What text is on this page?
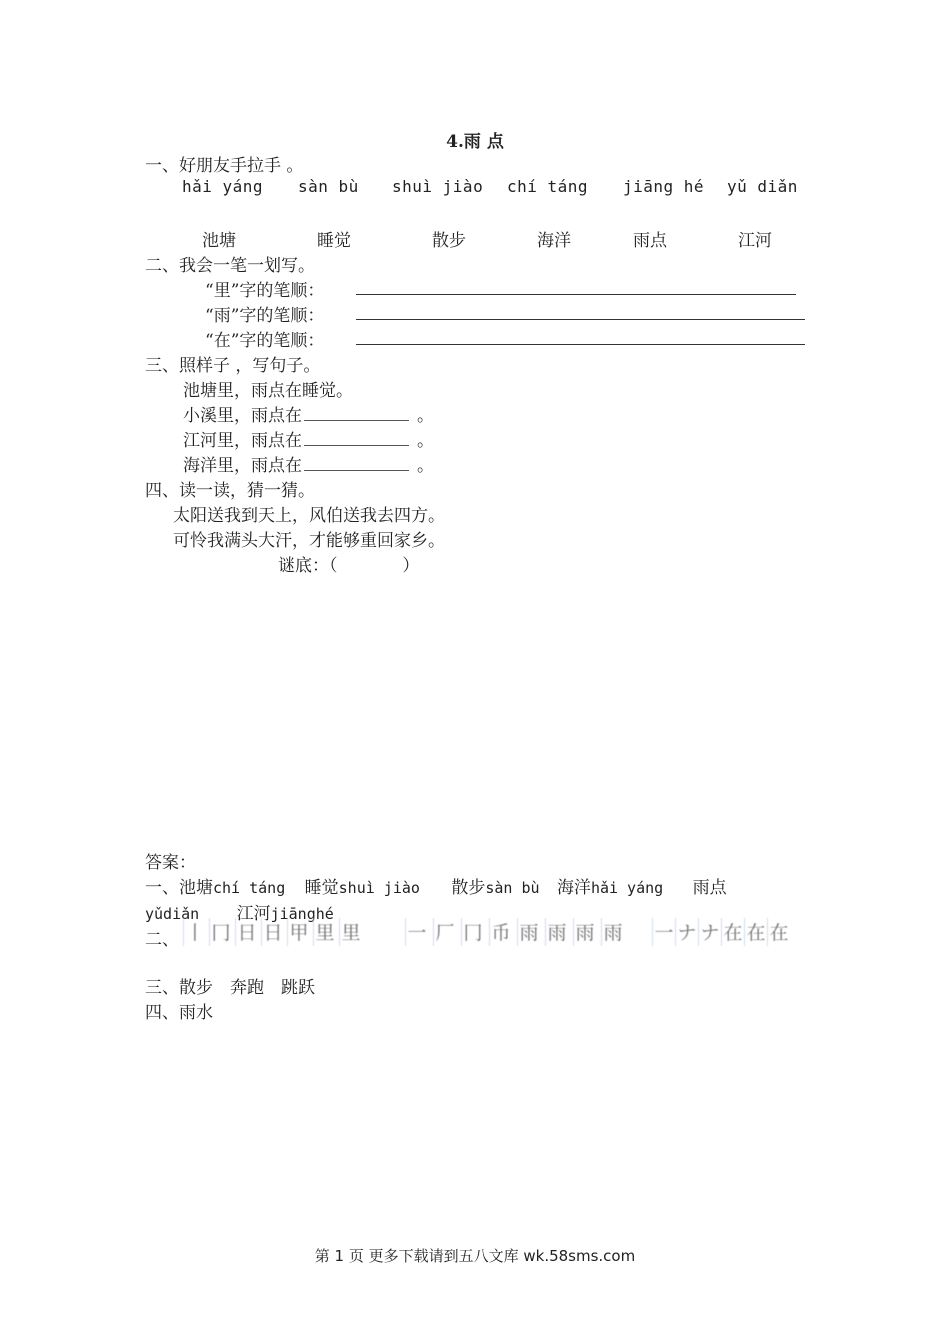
4.雨 点
一、好朋友手拉手 。
hǎi yáng sàn bù shuì jiào chí táng jiāng hé yǔ diǎn
池塘	睡觉	散步	海洋	雨点	江河
二、我会一笔一划写。
“里”字的笔顺：
“雨”字的笔顺：
“在”字的笔顺：
三、照样子 ，写句子。
池塘里，雨点在睡觉。
小溪里，雨点在	。
江河里，雨点在	。
海洋里，雨点在	。
四、读一读，猜一猜。
太阳送我到天上，风伯送我去四方。
可怜我满头大汗，才能够重回家乡。
谜底：（            ）
答案：
一、池塘chí táng 睡觉shuì jiào 散步sàn bù 海洋hǎi yáng 雨点
yǔdiǎn 江河jiānghé
二、 丨 冂 日 日 甲 里 里 一 厂 冂 币 雨 雨 雨 雨 一 ナ ナ 在 在 在
三、散步　奔跑　跳跃
四、雨水
第 1 页 更多下载请到五八文库 wk.58sms.com
